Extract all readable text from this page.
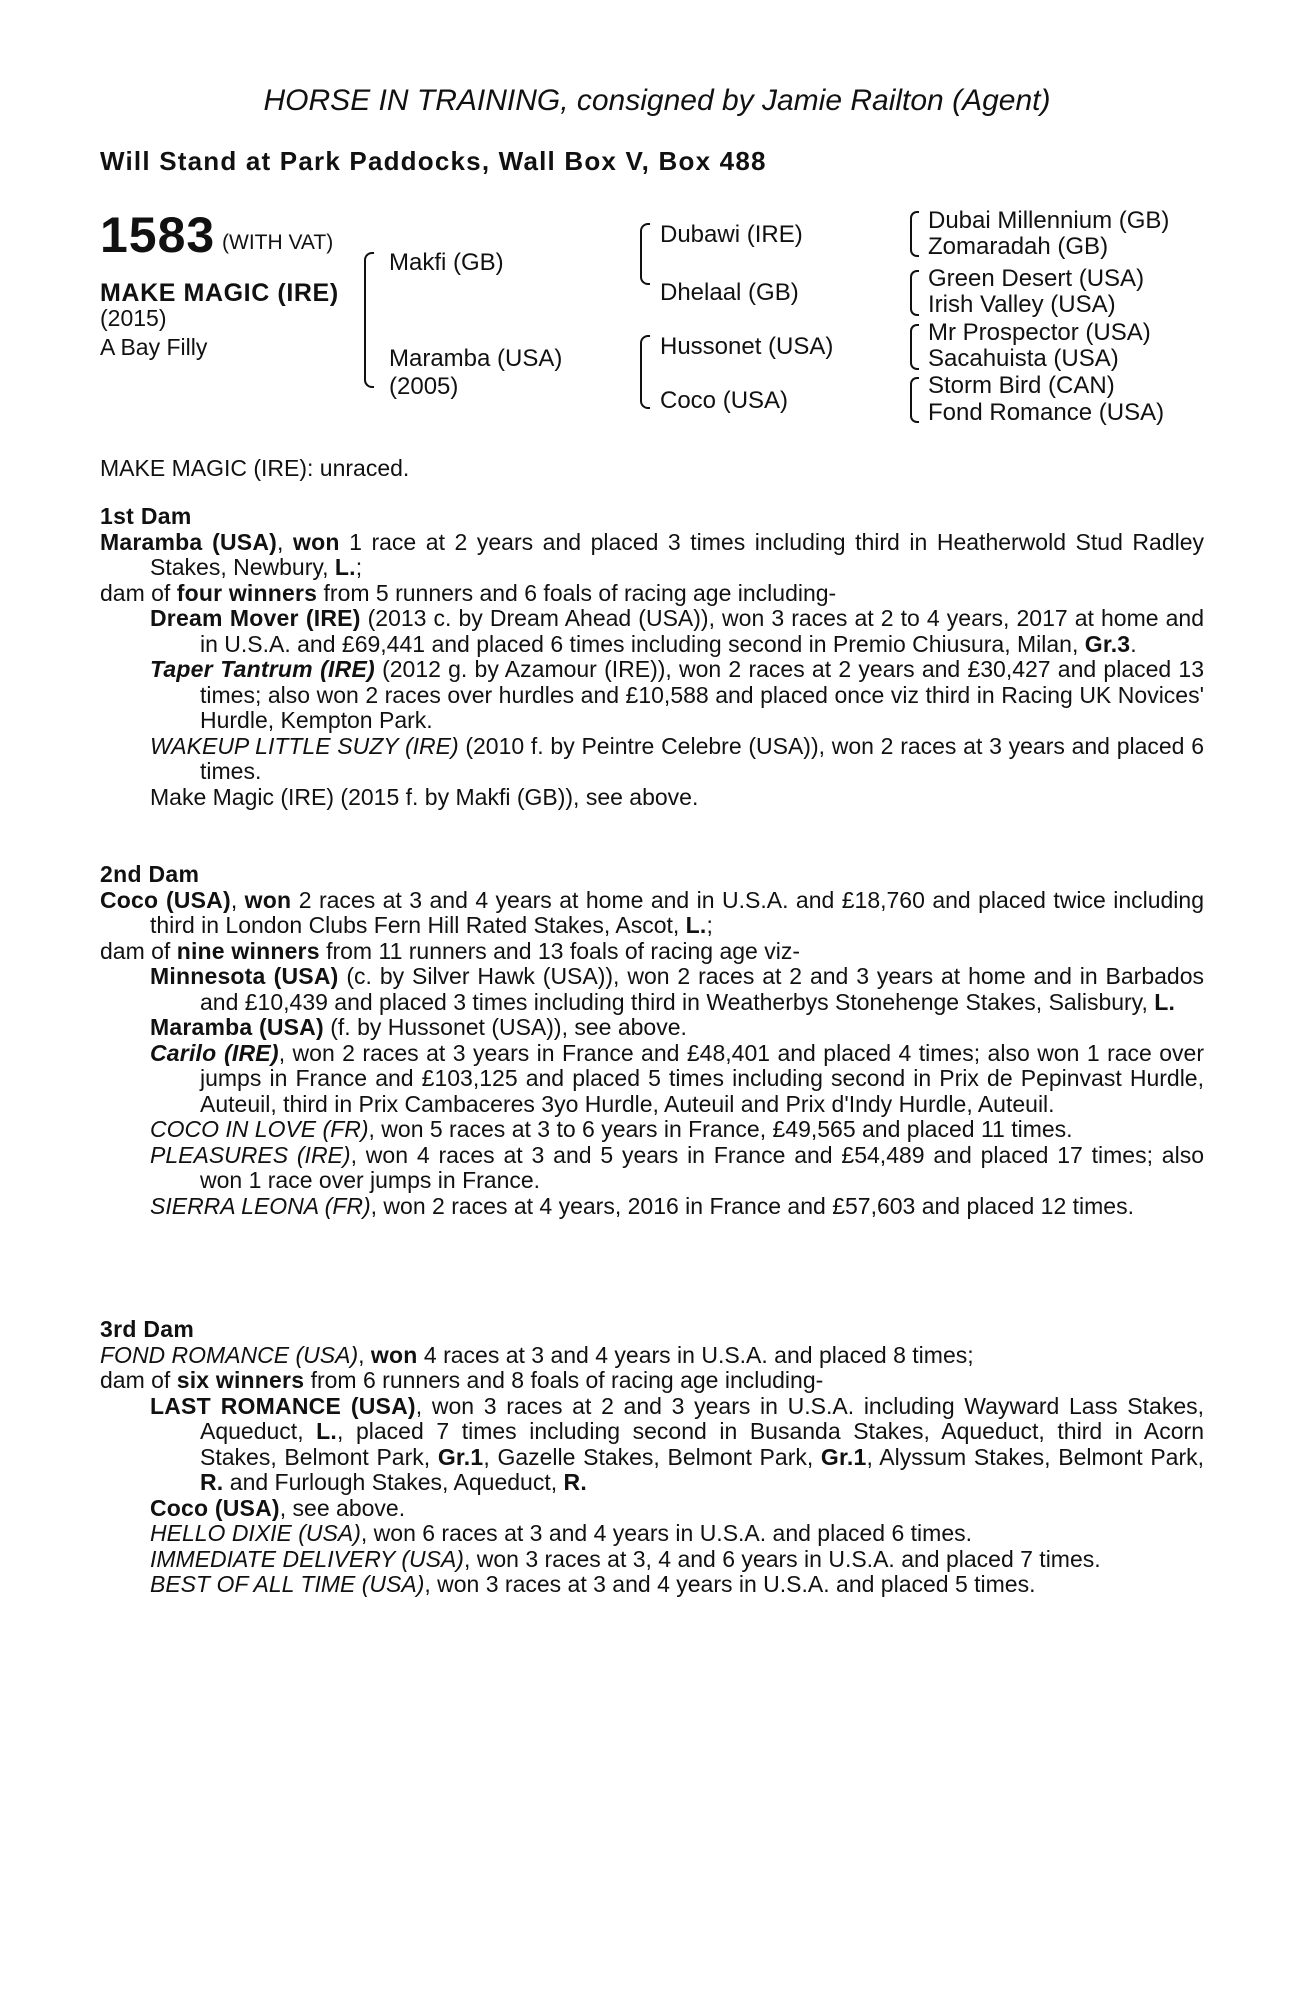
HORSE IN TRAINING, consigned by Jamie Railton (Agent)
Will Stand at Park Paddocks, Wall Box V, Box 488
1583 (WITH VAT)
MAKE MAGIC (IRE)
(2015)
A Bay Filly
Makfi (GB)
Maramba (USA)
(2005)
Dubawi (IRE)
Dhelaal (GB)
Hussonet (USA)
Coco (USA)
Dubai Millennium (GB)
Zomaradah (GB)
Green Desert (USA)
Irish Valley (USA)
Mr Prospector (USA)
Sacahuista (USA)
Storm Bird (CAN)
Fond Romance (USA)
MAKE MAGIC (IRE): unraced.

1st Dam

Maramba (USA), won 1 race at 2 years and placed 3 times including third in Heatherwold Stud Radley Stakes, Newbury, L.;

dam of four winners from 5 runners and 6 foals of racing age including-

Dream Mover (IRE) (2013 c. by Dream Ahead (USA)), won 3 races at 2 to 4 years, 2017 at home and in U.S.A. and £69,441 and placed 6 times including second in Premio Chiusura, Milan, Gr.3.

Taper Tantrum (IRE) (2012 g. by Azamour (IRE)), won 2 races at 2 years and £30,427 and placed 13 times; also won 2 races over hurdles and £10,588 and placed once viz third in Racing UK Novices' Hurdle, Kempton Park.

WAKEUP LITTLE SUZY (IRE) (2010 f. by Peintre Celebre (USA)), won 2 races at 3 years and placed 6 times.

Make Magic (IRE) (2015 f. by Makfi (GB)), see above.

2nd Dam

Coco (USA), won 2 races at 3 and 4 years at home and in U.S.A. and £18,760 and placed twice including third in London Clubs Fern Hill Rated Stakes, Ascot, L.;

dam of nine winners from 11 runners and 13 foals of racing age viz-

Minnesota (USA) (c. by Silver Hawk (USA)), won 2 races at 2 and 3 years at home and in Barbados and £10,439 and placed 3 times including third in Weatherbys Stonehenge Stakes, Salisbury, L.

Maramba (USA) (f. by Hussonet (USA)), see above.

Carilo (IRE), won 2 races at 3 years in France and £48,401 and placed 4 times; also won 1 race over jumps in France and £103,125 and placed 5 times including second in Prix de Pepinvast Hurdle, Auteuil, third in Prix Cambaceres 3yo Hurdle, Auteuil and Prix d'Indy Hurdle, Auteuil.

COCO IN LOVE (FR), won 5 races at 3 to 6 years in France, £49,565 and placed 11 times.

PLEASURES (IRE), won 4 races at 3 and 5 years in France and £54,489 and placed 17 times; also won 1 race over jumps in France.

SIERRA LEONA (FR), won 2 races at 4 years, 2016 in France and £57,603 and placed 12 times.

3rd Dam

FOND ROMANCE (USA), won 4 races at 3 and 4 years in U.S.A. and placed 8 times;

dam of six winners from 6 runners and 8 foals of racing age including-

LAST ROMANCE (USA), won 3 races at 2 and 3 years in U.S.A. including Wayward Lass Stakes, Aqueduct, L., placed 7 times including second in Busanda Stakes, Aqueduct, third in Acorn Stakes, Belmont Park, Gr.1, Gazelle Stakes, Belmont Park, Gr.1, Alyssum Stakes, Belmont Park, R. and Furlough Stakes, Aqueduct, R.

Coco (USA), see above.

HELLO DIXIE (USA), won 6 races at 3 and 4 years in U.S.A. and placed 6 times.

IMMEDIATE DELIVERY (USA), won 3 races at 3, 4 and 6 years in U.S.A. and placed 7 times.

BEST OF ALL TIME (USA), won 3 races at 3 and 4 years in U.S.A. and placed 5 times.
